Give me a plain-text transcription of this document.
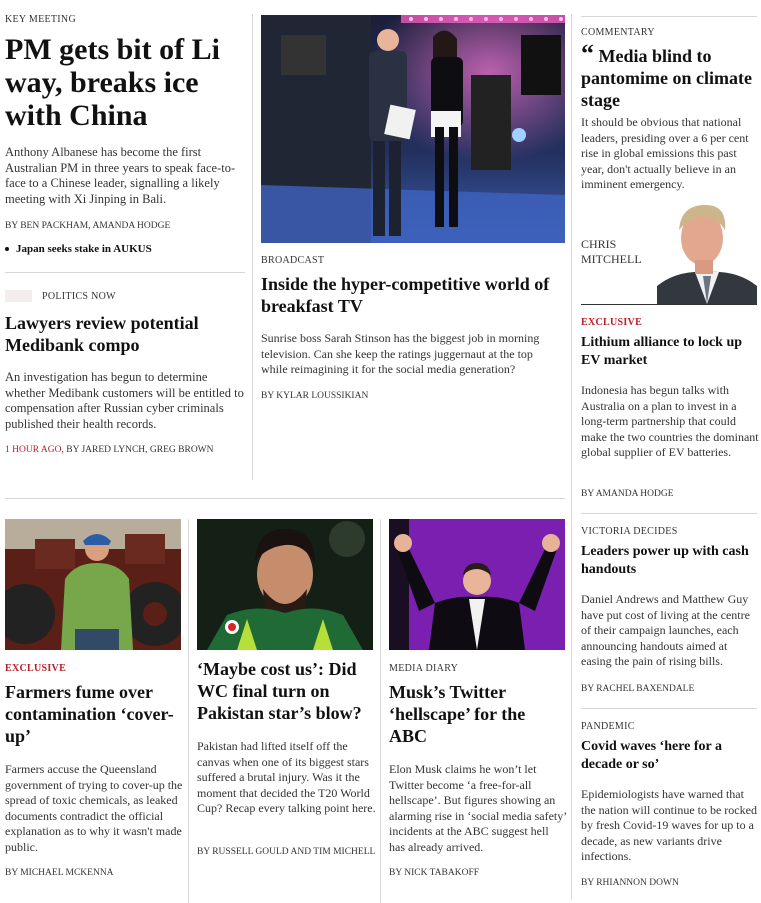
KEY MEETING
PM gets bit of Li way, breaks ice with China
Anthony Albanese has become the first Australian PM in three years to speak face-to-face to a Chinese leader, signalling a likely meeting with Xi Jinping in Bali.
BY BEN PACKHAM, AMANDA HODGE
Japan seeks stake in AUKUS
POLITICS NOW
Lawyers review potential Medibank compo
An investigation has begun to determine whether Medibank customers will be entitled to compensation after Russian cyber criminals published their health records.
1 HOUR AGO, BY JARED LYNCH, GREG BROWN
BROADCAST
Inside the hyper-competitive world of breakfast TV
Sunrise boss Sarah Stinson has the biggest job in morning television. Can she keep the ratings juggernaut at the top while reimagining it for the social media generation?
BY KYLAR LOUSSIKIAN
COMMENTARY
“ Media blind to pantomime on climate stage
It should be obvious that national leaders, presiding over a 6 per cent rise in global emissions this past year, don't actually believe in an imminent emergency.
CHRIS
MITCHELL
EXCLUSIVE
Lithium alliance to lock up EV market
Indonesia has begun talks with Australia on a plan to invest in a long-term partnership that could make the two countries the dominant global supplier of EV batteries.
BY AMANDA HODGE
VICTORIA DECIDES
Leaders power up with cash handouts
Daniel Andrews and Matthew Guy have put cost of living at the centre of their campaign launches, each announcing handouts aimed at easing the pain of rising bills.
BY RACHEL BAXENDALE
PANDEMIC
Covid waves ‘here for a decade or so’
Epidemiologists have warned that the nation will continue to be rocked by fresh Covid-19 waves for up to a decade, as new variants drive infections.
BY RHIANNON DOWN
EXCLUSIVE
Farmers fume over contamination ‘cover-up’
Farmers accuse the Queensland government of trying to cover-up the spread of toxic chemicals, as leaked documents contradict the official explanation as to why it wasn't made public.
BY MICHAEL MCKENNA
‘Maybe cost us’: Did WC final turn on Pakistan star’s blow?
Pakistan had lifted itself off the canvas when one of its biggest stars suffered a brutal injury. Was it the moment that decided the T20 World Cup? Recap every talking point here.
BY RUSSELL GOULD AND TIM MICHELL
MEDIA DIARY
Musk’s Twitter ‘hellscape’ for the ABC
Elon Musk claims he won’t let Twitter become ‘a free-for-all hellscape’. But figures showing an alarming rise in ‘social media safety’ incidents at the ABC suggest hell has already arrived.
BY NICK TABAKOFF
